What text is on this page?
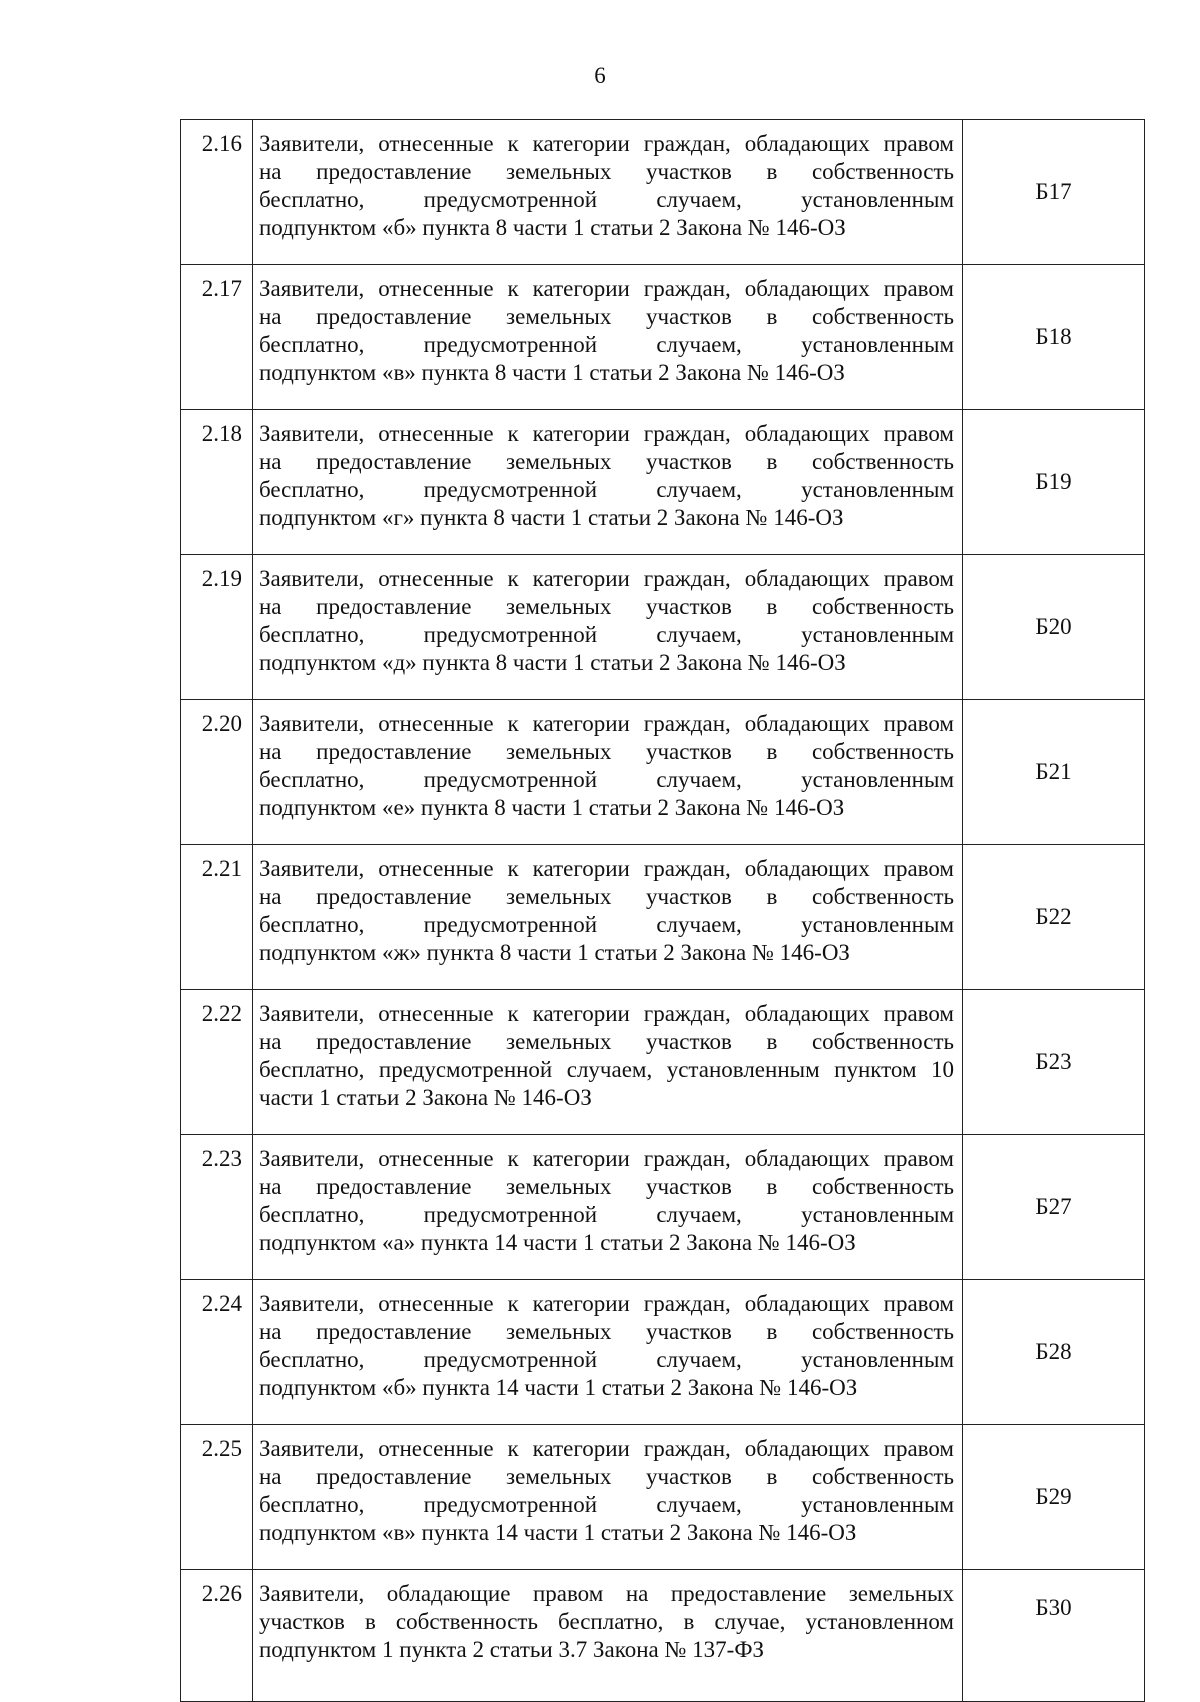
6
2.16	Заявители, отнесенные к категории граждан, обладающих правом
на предоставление земельных участков в собственность
бесплатно, предусмотренной случаем, установленным
подпунктом «б» пункта 8 части 1 статьи 2 Закона № 146-ОЗ	Б17
2.17	Заявители, отнесенные к категории граждан, обладающих правом
на предоставление земельных участков в собственность
бесплатно, предусмотренной случаем, установленным
подпунктом «в» пункта 8 части 1 статьи 2 Закона № 146-ОЗ	Б18
2.18	Заявители, отнесенные к категории граждан, обладающих правом
на предоставление земельных участков в собственность
бесплатно, предусмотренной случаем, установленным
подпунктом «г» пункта 8 части 1 статьи 2 Закона № 146-ОЗ	Б19
2.19	Заявители, отнесенные к категории граждан, обладающих правом
на предоставление земельных участков в собственность
бесплатно, предусмотренной случаем, установленным
подпунктом «д» пункта 8 части 1 статьи 2 Закона № 146-ОЗ	Б20
2.20	Заявители, отнесенные к категории граждан, обладающих правом
на предоставление земельных участков в собственность
бесплатно, предусмотренной случаем, установленным
подпунктом «е» пункта 8 части 1 статьи 2 Закона № 146-ОЗ	Б21
2.21	Заявители, отнесенные к категории граждан, обладающих правом
на предоставление земельных участков в собственность
бесплатно, предусмотренной случаем, установленным
подпунктом «ж» пункта 8 части 1 статьи 2 Закона № 146-ОЗ	Б22
2.22	Заявители, отнесенные к категории граждан, обладающих правом
на предоставление земельных участков в собственность
бесплатно, предусмотренной случаем, установленным пунктом 10
части 1 статьи 2 Закона № 146-ОЗ	Б23
2.23	Заявители, отнесенные к категории граждан, обладающих правом
на предоставление земельных участков в собственность
бесплатно, предусмотренной случаем, установленным
подпунктом «а» пункта 14 части 1 статьи 2 Закона № 146-ОЗ	Б27
2.24	Заявители, отнесенные к категории граждан, обладающих правом
на предоставление земельных участков в собственность
бесплатно, предусмотренной случаем, установленным
подпунктом «б» пункта 14 части 1 статьи 2 Закона № 146-ОЗ	Б28
2.25	Заявители, отнесенные к категории граждан, обладающих правом
на предоставление земельных участков в собственность
бесплатно, предусмотренной случаем, установленным
подпунктом «в» пункта 14 части 1 статьи 2 Закона № 146-ОЗ	Б29
2.26	Заявители, обладающие правом на предоставление земельных
участков в собственность бесплатно, в случае, установленном
подпунктом 1 пункта 2 статьи 3.7 Закона № 137-ФЗ	Б30
